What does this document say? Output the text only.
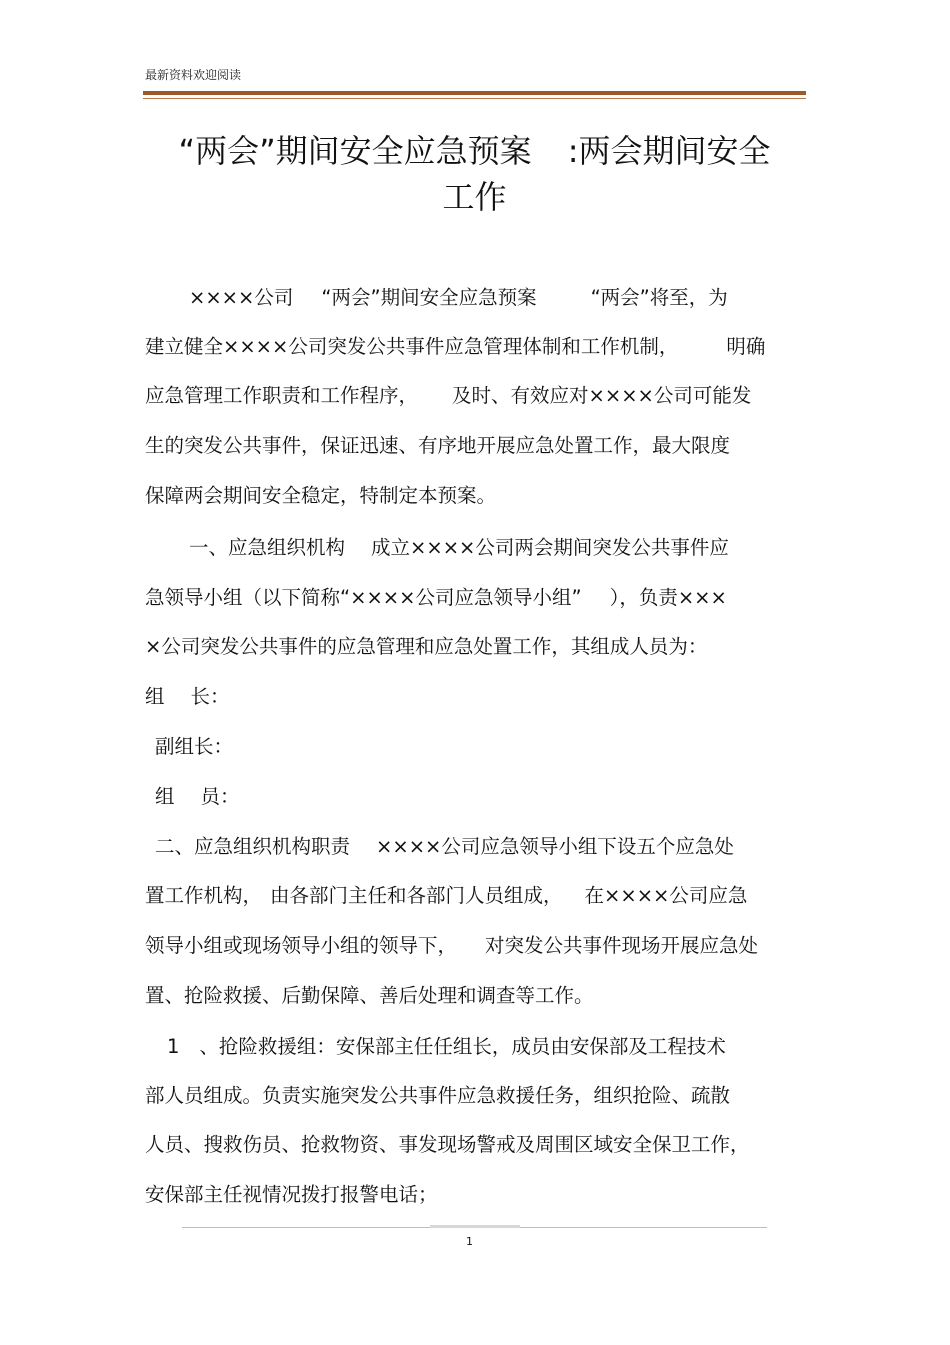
最新资料欢迎阅读
“两会”期间安全应急预案 :两会期间安全
工作
××××公司 “两会”期间安全应急预案	“两会”将至，为
建立健全××××公司突发公共事件应急管理体制和工作机制， 明确
应急管理工作职责和工作程序， 及时、有效应对××××公司可能发
生的突发公共事件，保证迅速、有序地开展应急处置工作，最大限度
保障两会期间安全稳定，特制定本预案。
一、应急组织机构 成立××××公司两会期间突发公共事件应
急领导小组（以下简称“××××公司应急领导小组” ），负责×××
×公司突发公共事件的应急管理和应急处置工作，其组成人员为：
组 长：
副组长：
组 员：
二、应急组织机构职责 ××××公司应急领导小组下设五个应急处
置工作机构， 由各部门主任和各部门人员组成， 在××××公司应急
领导小组或现场领导小组的领导下， 对突发公共事件现场开展应急处
置、抢险救援、后勤保障、善后处理和调查等工作。
1 、抢险救援组：安保部主任任组长，成员由安保部及工程技术
部人员组成。负责实施突发公共事件应急救援任务，组织抢险、疏散
人员、搜救伤员、抢救物资、事发现场警戒及周围区域安全保卫工作，
安保部主任视情况拨打报警电话；
1
